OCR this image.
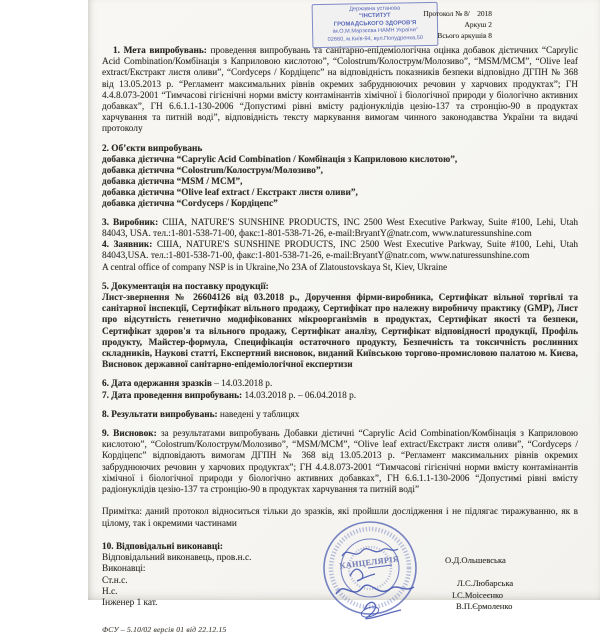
Державна установа
“ІНСТИТУТ
ГРОМАДСЬКОГО ЗДОРОВ’Я
ім.О.М.Марзєєва НАМН України”
02660, м.Київ-94, вул.Попудренка,50
Протокол № 8/    2018
Аркуш 2
Всього аркушів 8

1. Мета випробувань: проведення випробувань та санітарно-епідеміологічна оцінка добавок дієтичних “Caprylic Acid Combination/Комбінація з Каприловою кислотою”, “Colostrum/Колострум/Молозиво”, “MSM/МСМ”, “Olive leaf extract/Екстракт листя оливи”, “Cordyceps / Кордіцепс” на відповідність показників безпеки відповідно ДГПН № 368 від 13.05.2013 р. “Регламент максимальних рівнів окремих забруднюючих речовин у харчових продуктах”; ГН 4.4.8.073-2001 “Тимчасові гігієнічні норми вмісту контамінантів хімічної і біологічної природи у біологічно активних добавках”, ГН 6.6.1.1-130-2006 “Допустимі рівні вмісту радіонуклідів цезію-137 та стронцію-90 в продуктах харчування та питній воді”, відповідність тексту маркування вимогам чинного законодавства України та видачі протоколу

2. Об’єкти випробувань
добавка дієтична “Caprylic Acid Combination / Комбінація з Каприловою кислотою”,
добавка дієтична “Colostrum/Колострум/Молозиво”,
добавка дієтична “MSM / МСМ”,
добавка дієтична “Olive leaf extract / Екстракт листя оливи”,
добавка дієтична “Cordyceps / Кордіцепс”

3. Виробник: США, NATURE'S SUNSHINE PRODUCTS, INC 2500 West Executive Parkway, Suite #100, Lehi, Utah 84043, USA. тел.:1-801-538-71-00, факс:1-801-538-71-26, e-mail:BryantY@natr.com, www.naturessunshine.com

4. Заявник: США, NATURE'S SUNSHINE PRODUCTS, INC 2500 West Executive Parkway, Suite #100, Lehi, Utah 84043,USA. тел.:1-801-538-71-00, факс:1-801-538-71-26, e-mail:BryantY@natr.com, www.naturessunshine.com
A central office of company NSP is in Ukraine,No 23A of Zlatoustovskaya St, Kiev, Ukraine

5. Документація на поставку продукції:

Лист-звернення № 26604126 від 03.2018 р., Доручення фірми-виробника, Сертифікат вільної торгівлі та санітарної інспекції, Сертифікат вільного продажу, Сертифікат про належну виробничу практику (GMP), Лист про відсутність генетично модифікованих мікроорганізмів в продуктах, Сертифікат якості та безпеки, Сертифікат здоров'я та вільного продажу, Сертифікат аналізу, Сертифікат відповідності продукції, Профіль продукту, Майстер-формула, Специфікація остаточного продукту, Безпечність та токсичність рослинних складників, Наукові статті, Експертний висновок, виданий Київською торгово-промисловою палатою м. Києва, Висновок державної санітарно-епідеміологічної експертизи

6. Дата одержання зразків – 14.03.2018 р.
7. Дата проведення випробувань: 14.03.2018 р. – 06.04.2018 р.
8. Результати випробувань: наведені у таблицях

9. Висновок: за результатами випробувань Добавки дієтичні “Caprylic Acid Combination/Комбінація з Каприловою кислотою”, “Colostrum/Колострум/Молозиво”, “MSM/МСМ”, “Olive leaf extract/Екстракт листя оливи”, “Cordyceps / Кордіцепс” відповідають вимогам ДГПН № 368 від 13.05.2013 р. “Регламент максимальних рівнів окремих забруднюючих речовин у харчових продуктах”; ГН 4.4.8.073-2001 “Тимчасові гігієнічні норми вмісту контамінантів хімічної і біологічної природи у біологічно активних добавках”, ГН 6.6.1.1-130-2006 “Допустимі рівні вмісту радіонуклідів цезію-137 та стронцію-90 в продуктах харчування та питній воді”

Примітка: даний протокол відноситься тільки до зразків, які пройшли дослідження і не підлягає тиражуванню, як в цілому, так і окремими частинами

КАНЦЕЛЯРІЯ
10. Відповідальні виконавці:
Відповідальний виконавець, пров.н.с.
Виконавці:
Ст.н.с.
Н.с.
Інженер 1 кат.
О.Д.Ольшевська
Л.С.Любарська
І.С.Моісеєнко
В.П.Єрмоленко
ФСУ – 5.10/02 версія 01 від 22.12.15
